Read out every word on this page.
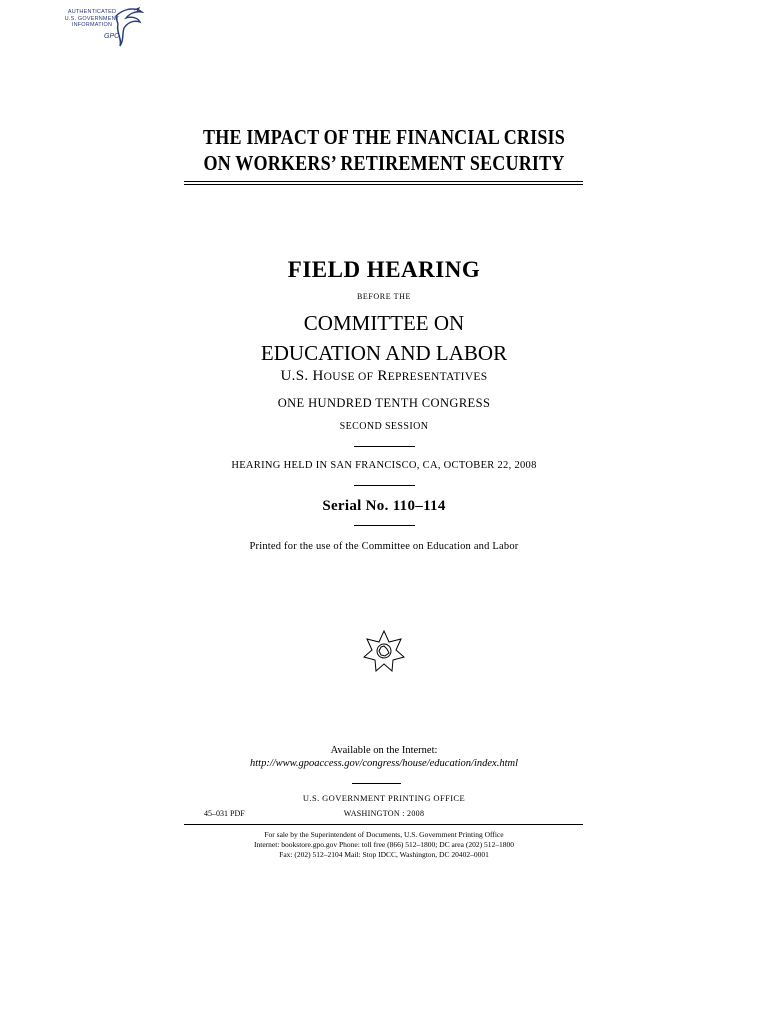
AUTHENTICATED
U.S. GOVERNMENT
INFORMATION
GPO
THE IMPACT OF THE FINANCIAL CRISIS
ON WORKERS’ RETIREMENT SECURITY
FIELD HEARING
BEFORE THE
COMMITTEE ON
EDUCATION AND LABOR
U.S. HOUSE OF REPRESENTATIVES
ONE HUNDRED TENTH CONGRESS
SECOND SESSION
HEARING HELD IN SAN FRANCISCO, CA, OCTOBER 22, 2008
Serial No. 110–114
Printed for the use of the Committee on Education and Labor
Available on the Internet:
http://www.gpoaccess.gov/congress/house/education/index.html
U.S. GOVERNMENT PRINTING OFFICE
45–031 PDF	WASHINGTON : 2008
For sale by the Superintendent of Documents, U.S. Government Printing Office
Internet: bookstore.gpo.gov Phone: toll free (866) 512–1800; DC area (202) 512–1800
Fax: (202) 512–2104 Mail: Stop IDCC, Washington, DC 20402–0001
